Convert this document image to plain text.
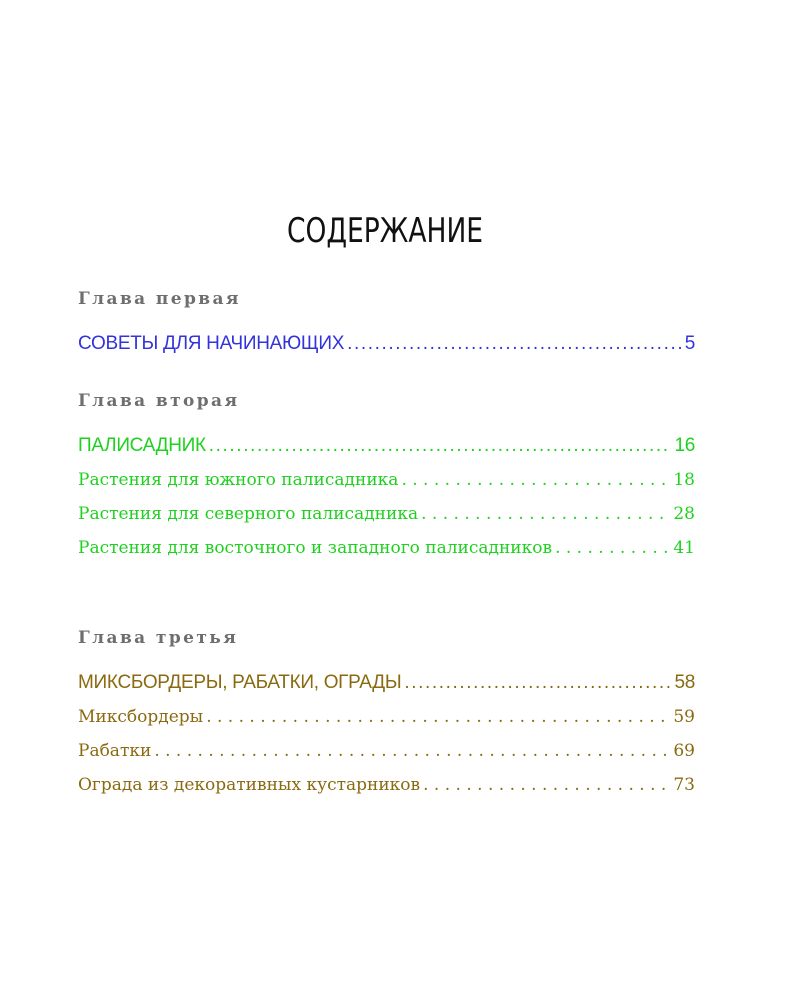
СОДЕРЖАНИЕ
Глава первая
СОВЕТЫ ДЛЯ НАЧИНАЮЩИХ .....	5
Глава вторая
ПАЛИСАДНИК .....	16
Растения для южного палисадника . . .	18
Растения для северного палисадника . . .	28
Растения для восточного и западного палисадников . . .	41
Глава третья
МИКСБОРДЕРЫ, РАБАТКИ, ОГРАДЫ .....	58
Миксбордеры . . .	59
Рабатки . . .	69
Ограда из декоративных кустарников . . .	73
